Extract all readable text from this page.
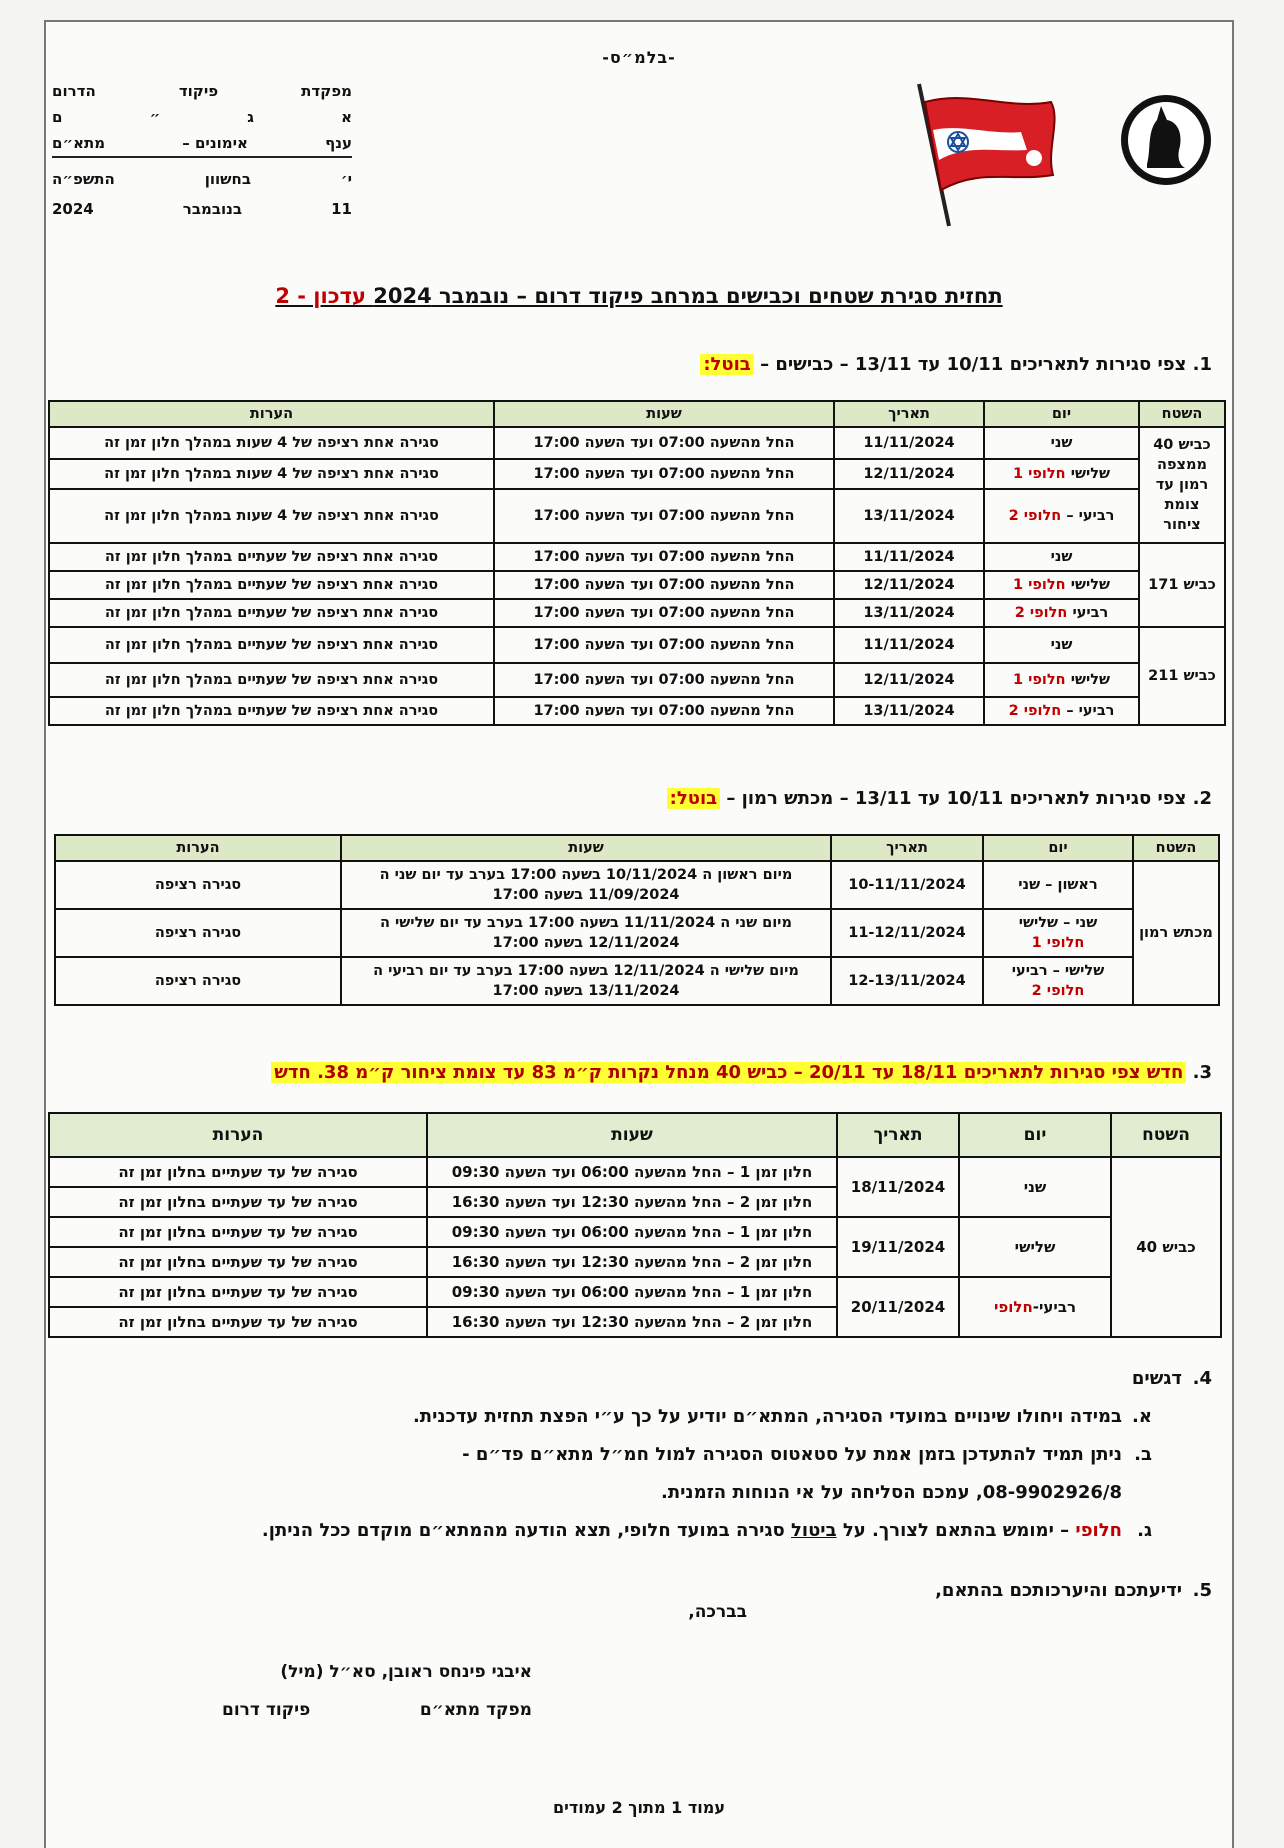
-בלמ״ס-
מפקדת
פיקוד
הדרום
א
ג
״
ם
ענף
אימונים –
מתא״ם
י׳
בחשוון
התשפ״ה
11
בנובמבר
2024
תחזית סגירת שטחים וכבישים במרחב פיקוד דרום – נובמבר 2024 עדכון - 2
1. צפי סגירות לתאריכים 10/11 עד 13/11 – כבישים – בוטל:
השטח	יום	תאריך	שעות	הערות
כביש 40 ממצפה רמון עד צומת ציחור	שני	11/11/2024	החל מהשעה 07:00 ועד השעה 17:00	סגירה אחת רציפה של 4 שעות במהלך חלון זמן זה
	שלישי חלופי 1	12/11/2024	החל מהשעה 07:00 ועד השעה 17:00	סגירה אחת רציפה של 4 שעות במהלך חלון זמן זה
	רביעי – חלופי 2	13/11/2024	החל מהשעה 07:00 ועד השעה 17:00	סגירה אחת רציפה של 4 שעות במהלך חלון זמן זה
כביש 171	שני	11/11/2024	החל מהשעה 07:00 ועד השעה 17:00	סגירה אחת רציפה של שעתיים במהלך חלון זמן זה
	שלישי חלופי 1	12/11/2024	החל מהשעה 07:00 ועד השעה 17:00	סגירה אחת רציפה של שעתיים במהלך חלון זמן זה
	רביעי חלופי 2	13/11/2024	החל מהשעה 07:00 ועד השעה 17:00	סגירה אחת רציפה של שעתיים במהלך חלון זמן זה
כביש 211	שני	11/11/2024	החל מהשעה 07:00 ועד השעה 17:00	סגירה אחת רציפה של שעתיים במהלך חלון זמן זה
	שלישי חלופי 1	12/11/2024	החל מהשעה 07:00 ועד השעה 17:00	סגירה אחת רציפה של שעתיים במהלך חלון זמן זה
	רביעי – חלופי 2	13/11/2024	החל מהשעה 07:00 ועד השעה 17:00	סגירה אחת רציפה של שעתיים במהלך חלון זמן זה
2. צפי סגירות לתאריכים 10/11 עד 13/11 – מכתש רמון – בוטל:
השטח	יום	תאריך	שעות	הערות
מכתש רמון	ראשון – שני	10-11/11/2024	מיום ראשון ה 10/11/2024 בשעה 17:00 בערב עד יום שני ה 11/09/2024 בשעה 17:00	סגירה רציפה
	שני – שלישי
חלופי 1	11-12/11/2024	מיום שני ה 11/11/2024 בשעה 17:00 בערב עד יום שלישי ה 12/11/2024 בשעה 17:00	סגירה רציפה
	שלישי – רביעי
חלופי 2	12-13/11/2024	מיום שלישי ה 12/11/2024 בשעה 17:00 בערב עד יום רביעי ה 13/11/2024 בשעה 17:00	סגירה רציפה
3. חדש צפי סגירות לתאריכים 18/11 עד 20/11 – כביש 40 מנחל נקרות ק״מ 83 עד צומת ציחור ק״מ 38. חדש
השטח	יום	תאריך	שעות	הערות
כביש 40	שני	18/11/2024	חלון זמן 1 – החל מהשעה 06:00 ועד השעה 09:30	סגירה של עד שעתיים בחלון זמן זה
			חלון זמן 2 – החל מהשעה 12:30 ועד השעה 16:30	סגירה של עד שעתיים בחלון זמן זה
	שלישי	19/11/2024	חלון זמן 1 – החל מהשעה 06:00 ועד השעה 09:30	סגירה של עד שעתיים בחלון זמן זה
			חלון זמן 2 – החל מהשעה 12:30 ועד השעה 16:30	סגירה של עד שעתיים בחלון זמן זה
	רביעי-חלופי	20/11/2024	חלון זמן 1 – החל מהשעה 06:00 ועד השעה 09:30	סגירה של עד שעתיים בחלון זמן זה
			חלון זמן 2 – החל מהשעה 12:30 ועד השעה 16:30	סגירה של עד שעתיים בחלון זמן זה
4.
דגשים
א.
במידה ויחולו שינויים במועדי הסגירה, המתא״ם יודיע על כך ע״י הפצת תחזית עדכנית.
ב.
ניתן תמיד להתעדכן בזמן אמת על סטאטוס הסגירה למול חמ״ל מתא״ם פד״ם -
08-9902926/8, עמכם הסליחה על אי הנוחות הזמנית.
ג.
חלופי – ימומש בהתאם לצורך. על ביטול סגירה במועד חלופי, תצא הודעה מהמתא״ם מוקדם ככל הניתן.
5.
ידיעתכם והיערכותכם בהתאם,
בברכה,
איבגי פינחס ראובן, סא״ל (מיל)
מפקד מתא״ם
פיקוד דרום
עמוד 1 מתוך 2 עמודים
